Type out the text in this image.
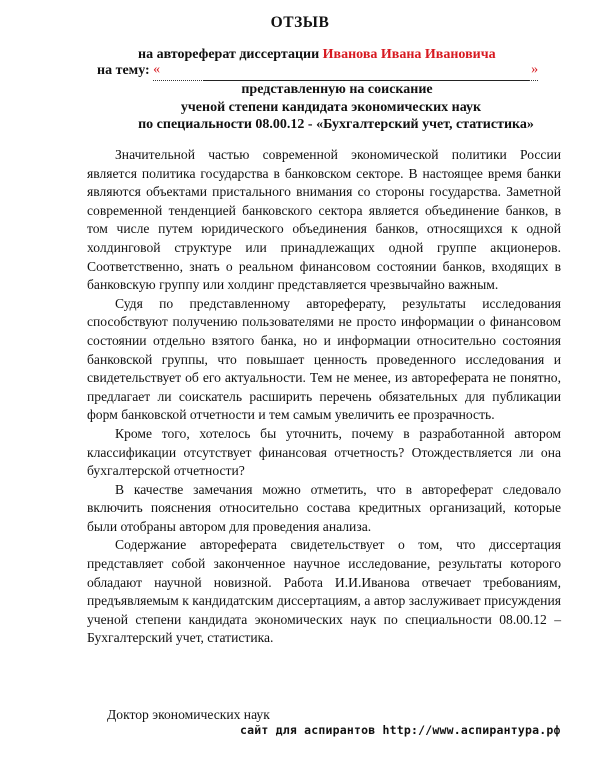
ОТЗЫВ
на автореферат диссертации Иванова Ивана Ивановича
на тему: «
	»
представленную на соискание
ученой степени кандидата экономических наук
по специальности 08.00.12 - «Бухгалтерский учет, статистика»

Значительной частью современной экономической политики России является политика государства в банковском секторе. В настоящее время банки являются объектами пристального внимания со стороны государства. Заметной современной тенденцией банковского сектора является объединение банков, в том числе путем юридического объединения банков, относящихся к одной холдинговой структуре или принадлежащих одной группе акционеров. Соответственно, знать о реальном финансовом состоянии банков, входящих в банковскую группу или холдинг представляется чрезвычайно важным.

Судя по представленному автореферату, результаты исследования способствуют получению пользователями не просто информации о финансовом состоянии отдельно взятого банка, но и информации относительно состояния банковской группы, что повышает ценность проведенного исследования и свидетельствует об его актуальности. Тем не менее, из автореферата не понятно, предлагает ли соискатель расширить перечень обязательных для публикации форм банковской отчетности и тем самым увеличить ее прозрачность.

Кроме того, хотелось бы уточнить, почему в разработанной автором классификации отсутствует финансовая отчетность? Отождествляется ли она бухгалтерской отчетности?

В качестве замечания можно отметить, что в автореферат следовало включить пояснения относительно состава кредитных организаций, которые были отобраны автором для проведения анализа.

Содержание автореферата свидетельствует о том, что диссертация представляет собой законченное научное исследование, результаты которого обладают научной новизной. Работа И.И.Иванова отвечает требованиям, предъявляемым к кандидатским диссертациям, а автор заслуживает присуждения ученой степени кандидата экономических наук по специальности 08.00.12 – Бухгалтерский учет, статистика.

Доктор экономических наук
сайт для аспирантов http://www.аспирантура.рф
